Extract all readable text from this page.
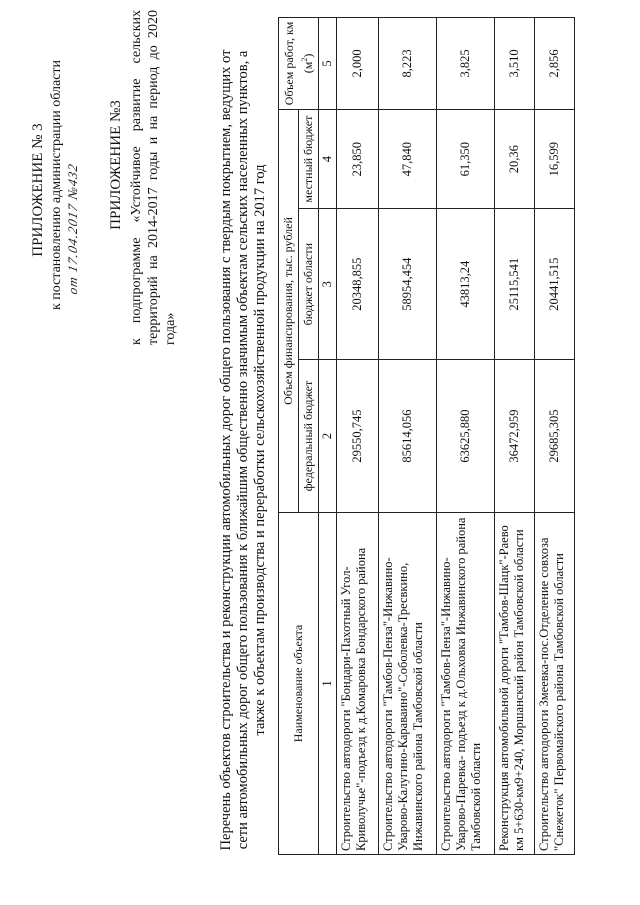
ПРИЛОЖЕНИЕ № 3 к постановлению администрации области от 17.04.2017 №432	ПРИЛОЖЕНИЕ №3 к подпрограмме «Устойчивое развитие сельских территорий на 2014-2017 годы и на период до 2020 года»	Перечень объектов строительства и реконструкции автомобильных дорог общего пользования с твердым покрытием, ведущих от сети автомобильных дорог общего пользования к ближайшим общественно значимым объектам сельских населенных пунктов, а также к объектам производства и переработки сельскохозяйственной продукции на 2017 год Наименование объекта	Объем финансирования, тыс. рублей			Объем работ, км $(м^2)$
	федеральный бюджет	бюджет области	местный бюджет	
1	2	3	4	5
Строительство автодороги "Бондари-Пахотный Угол-Криволучье"-подъезд к д.Комаровка Бондарского района	29550,745	20348,855	23,850	2,000
Строительство автодороги "Тамбов-Пенза"-Инжавино-Уварово-Калугино-Караваино"-Соболевка-Тресвкино, Инжавинского района Тамбовской области	85614,056	58954,454	47,840	8,223
Строительство автодороги "Тамбов-Пенза"-Инжавино-Уварово-Паревка- подъезд к д.Ольховка Инжавинского района Тамбовской области	63625,880	43813,24	61,350	3,825
Реконструкция автомобильной дороги "Тамбов-Шацк"-Раево км 5+630-км9+240, Моршанский район Тамбовской области	36472,959	25115,541	20,36	3,510
Строительство автодороги Змеевка-пос.Отделение совхоза "Снежеток" Первомайского района Тамбовской области	29685,305	20441,515	16,599	2,856
